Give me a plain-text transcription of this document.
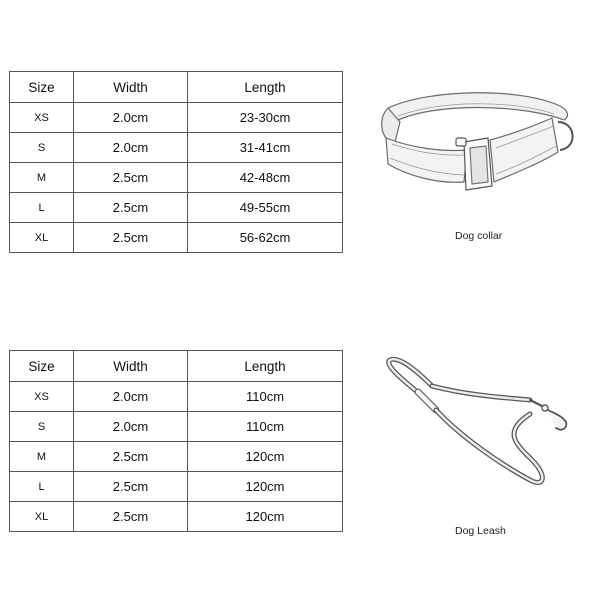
Size	Width	Length
XS	2.0cm	23-30cm
S	2.0cm	31-41cm
M	2.5cm	42-48cm
L	2.5cm	49-55cm
XL	2.5cm	56-62cm	Dog collar
Size	Width	Length
XS	2.0cm	110cm
S	2.0cm	110cm
M	2.5cm	120cm
L	2.5cm	120cm
XL	2.5cm	120cm
Dog Leash
